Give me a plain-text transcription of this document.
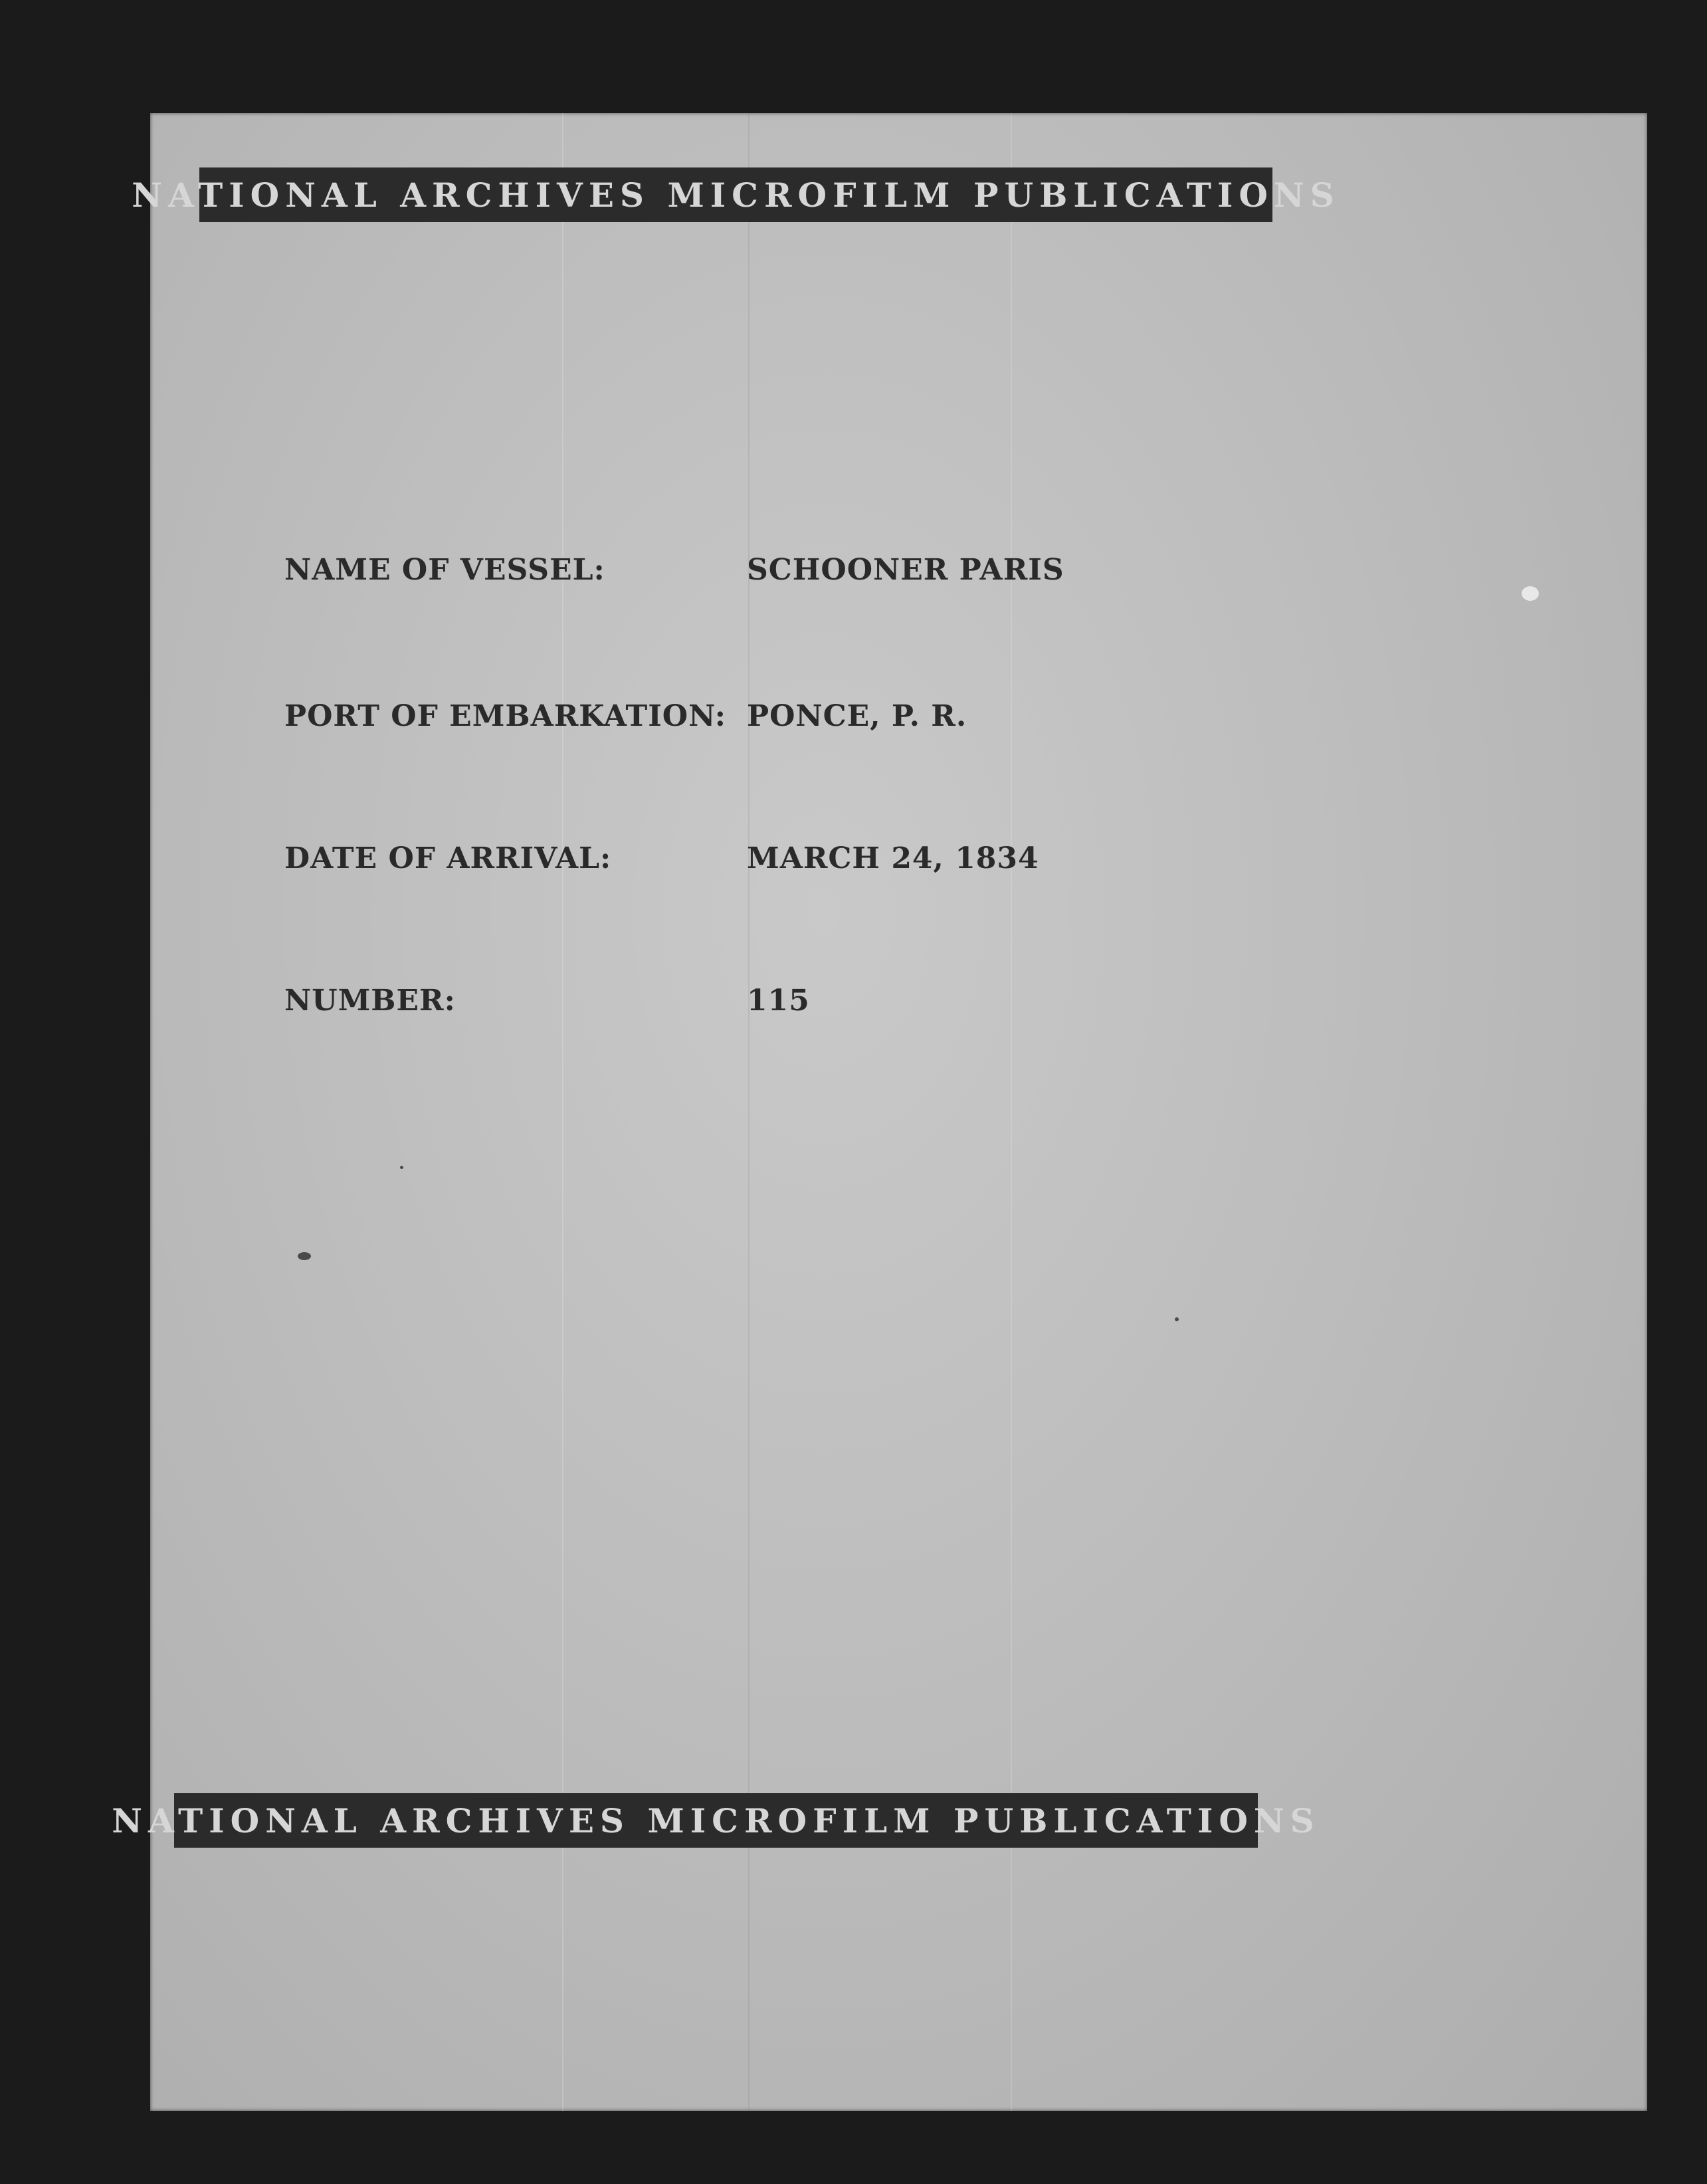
NATIONAL ARCHIVES MICROFILM PUBLICATIONS
NAME OF VESSEL:	SCHOONER PARIS
PORT OF EMBARKATION: PONCE, P. R.
DATE OF ARRIVAL:	MARCH 24, 1834
NUMBER:	115
NATIONAL ARCHIVES MICROFILM PUBLICATIONS
